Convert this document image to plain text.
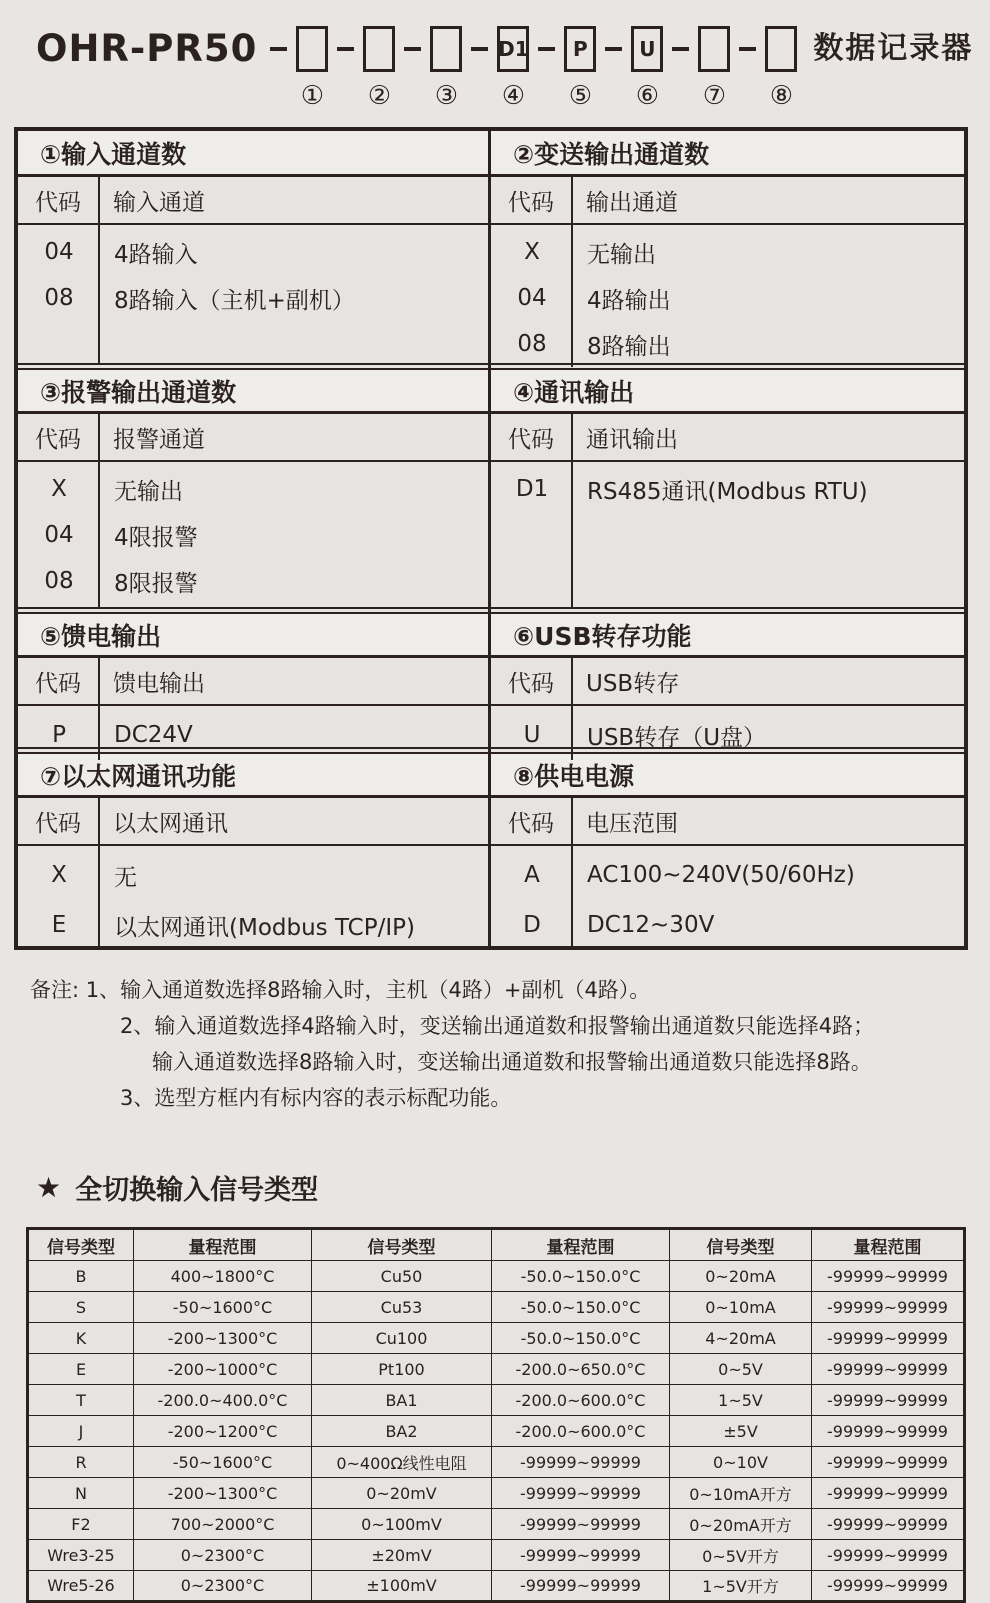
OHR-PR50
① ② ③
D1
④
P
⑤
U
⑥ ⑦ ⑧
数据记录器
①输入通道数
代码	输入通道
04	4路输入
08	8路输入（主机+副机）
③报警输出通道数
代码	报警通道
X	无输出
04	4限报警
08	8限报警
⑤馈电输出
代码	馈电输出
P	DC24V
⑦以太网通讯功能
代码	以太网通讯
X	无
E	以太网通讯(Modbus TCP/IP)
②变送输出通道数
代码	输出通道
X	无输出
04	4路输出
08	8路输出
④通讯输出
代码	通讯输出
D1	RS485通讯(Modbus RTU)
⑥USB转存功能
代码	USB转存
U	USB转存（U盘）
⑧供电电源
代码	电压范围
A	AC100~240V(50/60Hz)
D	DC12~30V
备注: 1、输入通道数选择8路输入时，主机（4路）+副机（4路）。
2、输入通道数选择4路输入时，变送输出通道数和报警输出通道数只能选择4路；
输入通道数选择8路输入时，变送输出通道数和报警输出通道数只能选择8路。
3、选型方框内有标内容的表示标配功能。
★ 全切换输入信号类型
信号类型	量程范围	信号类型	量程范围	信号类型	量程范围
B	400~1800°C	Cu50	-50.0~150.0°C	0~20mA	-99999~99999
S	-50~1600°C	Cu53	-50.0~150.0°C	0~10mA	-99999~99999
K	-200~1300°C	Cu100	-50.0~150.0°C	4~20mA	-99999~99999
E	-200~1000°C	Pt100	-200.0~650.0°C	0~5V	-99999~99999
T	-200.0~400.0°C	BA1	-200.0~600.0°C	1~5V	-99999~99999
J	-200~1200°C	BA2	-200.0~600.0°C	±5V	-99999~99999
R	-50~1600°C	0~400Ω线性电阻	-99999~99999	0~10V	-99999~99999
N	-200~1300°C	0~20mV	-99999~99999	0~10mA开方	-99999~99999
F2	700~2000°C	0~100mV	-99999~99999	0~20mA开方	-99999~99999
Wre3-25	0~2300°C	±20mV	-99999~99999	0~5V开方	-99999~99999
Wre5-26	0~2300°C	±100mV	-99999~99999	1~5V开方	-99999~99999
